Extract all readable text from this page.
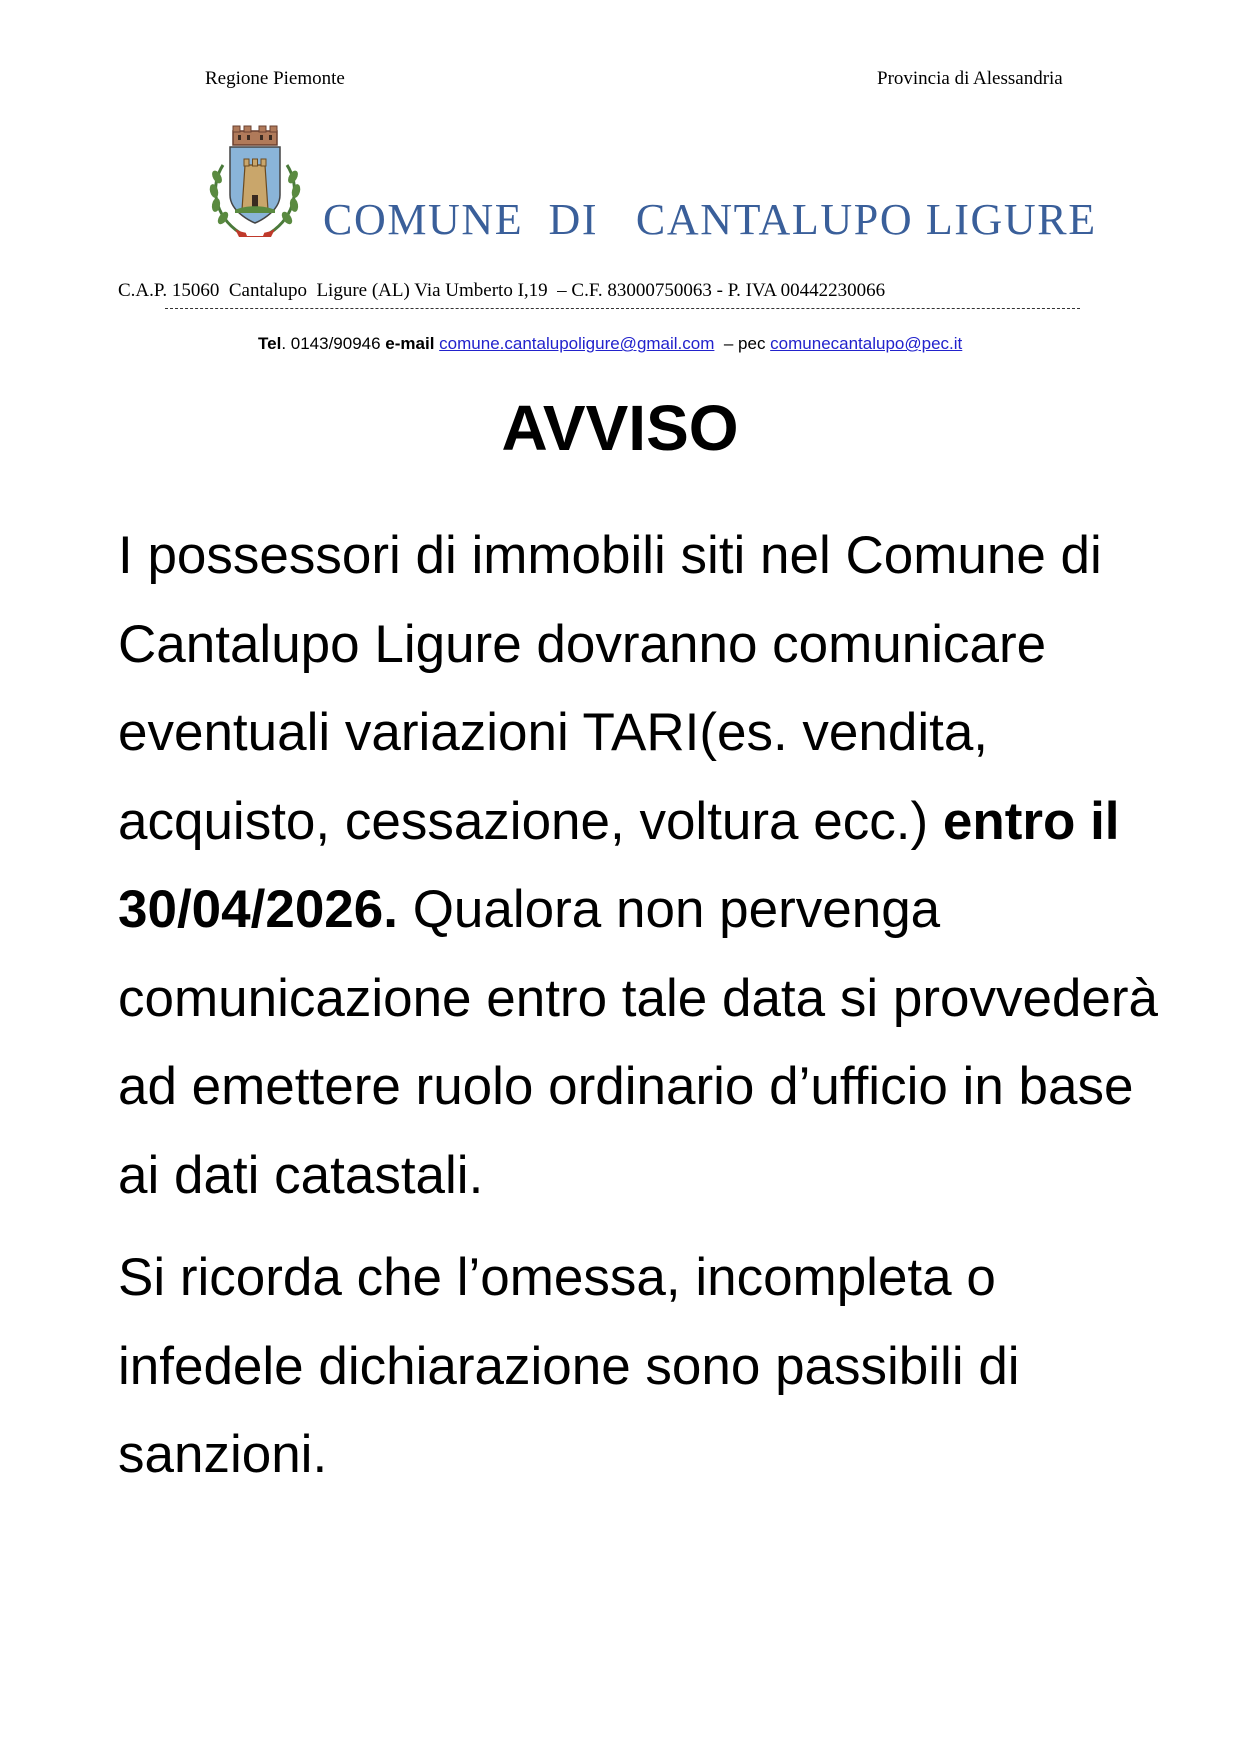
Regione Piemonte	Provincia di Alessandria
COMUNE  DI   CANTALUPO LIGURE
C.A.P. 15060  Cantalupo  Ligure (AL) Via Umberto I,19  – C.F. 83000750063 - P. IVA 00442230066
Tel. 0143/90946 e-mail comune.cantalupoligure@gmail.com  – pec comunecantalupo@pec.it
AVVISO

I possessori di immobili siti nel Comune di Cantalupo Ligure dovranno comunicare eventuali variazioni TARI(es. vendita, acquisto, cessazione, voltura ecc.) entro il 30/04/2026. Qualora non pervenga comunicazione entro tale data si provvederà ad emettere ruolo ordinario d’ufficio in base ai dati catastali.

Si ricorda che l’omessa, incompleta o infedele dichiarazione sono passibili di sanzioni.
